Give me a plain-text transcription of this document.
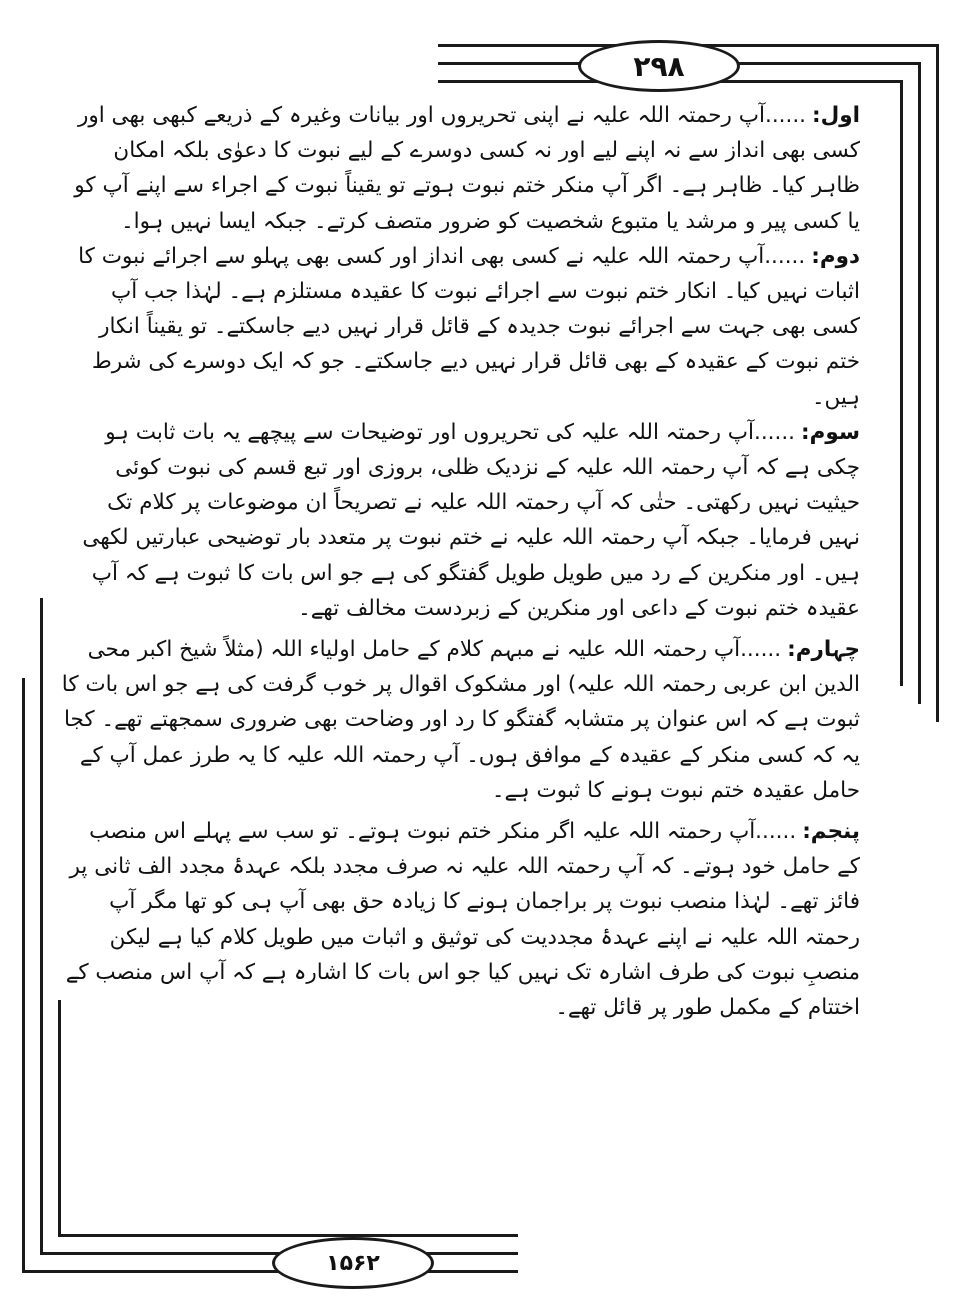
۲۹۸
۱۵۶۲

اول:......آپ رحمتہ اللہ علیہ نے اپنی تحریروں اور بیانات وغیرہ کے ذریعے کبھی بھی اور کسی بھی انداز سے نہ اپنے لیے اور نہ کسی دوسرے کے لیے نبوت کا دعوٰی بلکہ امکان ظاہر کیا۔ ظاہر ہے۔ اگر آپ منکر ختم نبوت ہوتے تو یقیناً نبوت کے اجراء سے اپنے آپ کو یا کسی پیر و مرشد یا متبوع شخصیت کو ضرور متصف کرتے۔ جبکہ ایسا نہیں ہوا۔

دوم:......آپ رحمتہ اللہ علیہ نے کسی بھی انداز اور کسی بھی پہلو سے اجرائے نبوت کا اثبات نہیں کیا۔ انکار ختم نبوت سے اجرائے نبوت کا عقیدہ مستلزم ہے۔ لہٰذا جب آپ کسی بھی جہت سے اجرائے نبوت جدیدہ کے قائل قرار نہیں دیے جاسکتے۔ تو یقیناً انکار ختم نبوت کے عقیدہ کے بھی قائل قرار نہیں دیے جاسکتے۔ جو کہ ایک دوسرے کی شرط ہیں۔

سوم:......آپ رحمتہ اللہ علیہ کی تحریروں اور توضیحات سے پیچھے یہ بات ثابت ہو چکی ہے کہ آپ رحمتہ اللہ علیہ کے نزدیک ظلی، بروزی اور تبع قسم کی نبوت کوئی حیثیت نہیں رکھتی۔ حتٰی کہ آپ رحمتہ اللہ علیہ نے تصریحاً ان موضوعات پر کلام تک نہیں فرمایا۔ جبکہ آپ رحمتہ اللہ علیہ نے ختم نبوت پر متعدد بار توضیحی عبارتیں لکھی ہیں۔ اور منکرین کے رد میں طویل طویل گفتگو کی ہے جو اس بات کا ثبوت ہے کہ آپ عقیدہ ختم نبوت کے داعی اور منکرین کے زبردست مخالف تھے۔

چہارم:......آپ رحمتہ اللہ علیہ نے مبہم کلام کے حامل اولیاء اللہ (مثلاً شیخ اکبر محی الدین ابن عربی رحمتہ اللہ علیہ) اور مشکوک اقوال پر خوب گرفت کی ہے جو اس بات کا ثبوت ہے کہ اس عنوان پر متشابہ گفتگو کا رد اور وضاحت بھی ضروری سمجھتے تھے۔ کجا یہ کہ کسی منکر کے عقیدہ کے موافق ہوں۔ آپ رحمتہ اللہ علیہ کا یہ طرز عمل آپ کے حامل عقیدہ ختم نبوت ہونے کا ثبوت ہے۔

پنجم:......آپ رحمتہ اللہ علیہ اگر منکر ختم نبوت ہوتے۔ تو سب سے پہلے اس منصب کے حامل خود ہوتے۔ کہ آپ رحمتہ اللہ علیہ نہ صرف مجدد بلکہ عہدۂ مجدد الف ثانی پر فائز تھے۔ لہٰذا منصب نبوت پر براجمان ہونے کا زیادہ حق بھی آپ ہی کو تھا مگر آپ رحمتہ اللہ علیہ نے اپنے عہدۂ مجددیت کی توثیق و اثبات میں طویل کلام کیا ہے لیکن منصبِ نبوت کی طرف اشارہ تک نہیں کیا جو اس بات کا اشارہ ہے کہ آپ اس منصب کے اختتام کے مکمل طور پر قائل تھے۔
